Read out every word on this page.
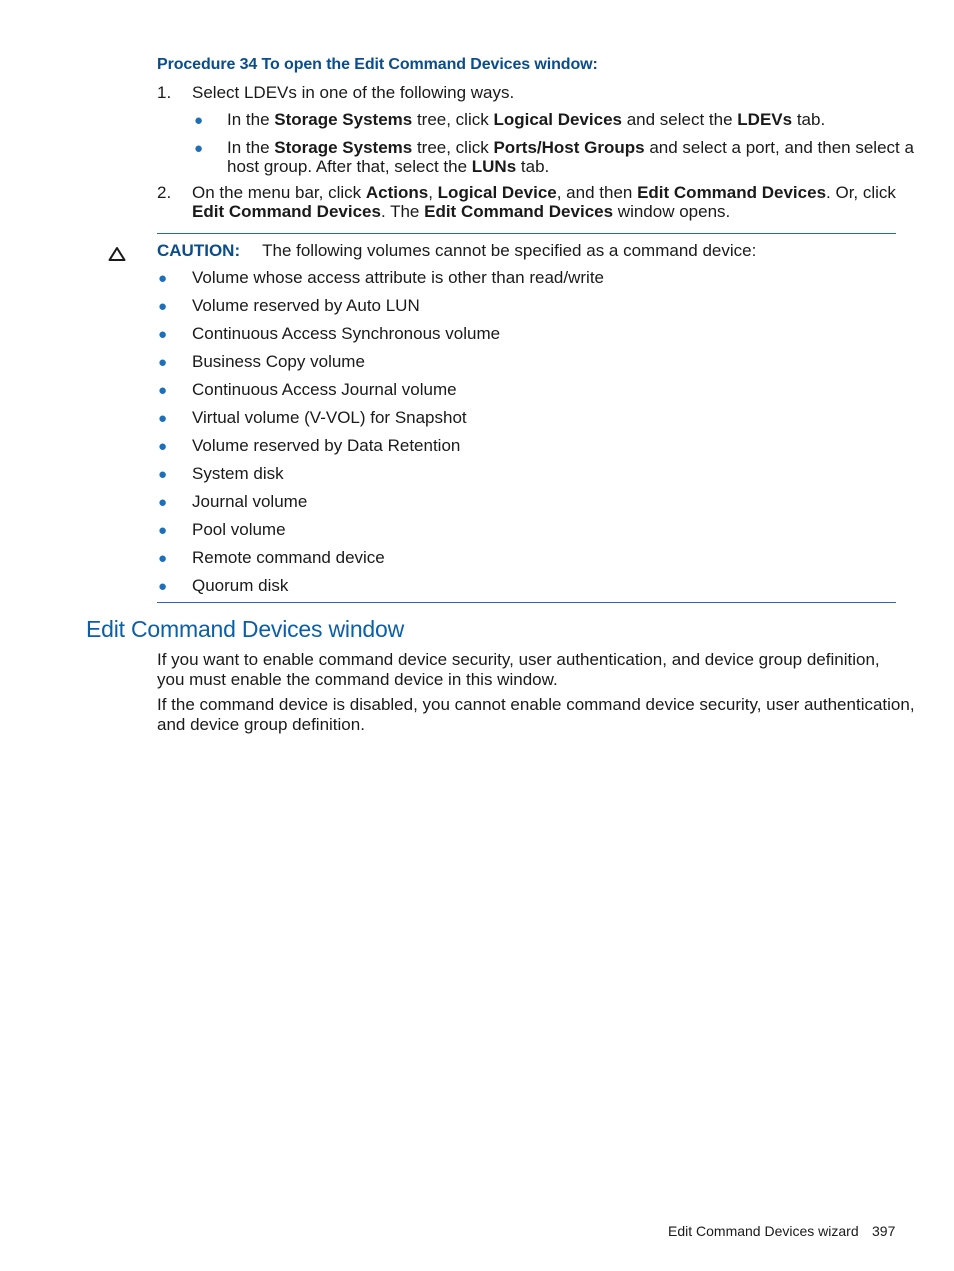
Procedure 34 To open the Edit Command Devices window:
1.	Select LDEVs in one of the following ways.
● In the Storage Systems tree, click Logical Devices and select the LDEVs tab.
● In the Storage Systems tree, click Ports/Host Groups and select a port, and then select a
host group. After that, select the LUNs tab.
2.	On the menu bar, click Actions, Logical Device, and then Edit Command Devices. Or, click
Edit Command Devices. The Edit Command Devices window opens.
CAUTION: The following volumes cannot be specified as a command device:
● Volume whose access attribute is other than read/write
● Volume reserved by Auto LUN
● Continuous Access Synchronous volume
● Business Copy volume
● Continuous Access Journal volume
● Virtual volume (V-VOL) for Snapshot
● Volume reserved by Data Retention
● System disk
● Journal volume
● Pool volume
● Remote command device
● Quorum disk
Edit Command Devices window
If you want to enable command device security, user authentication, and device group definition,
you must enable the command device in this window.
If the command device is disabled, you cannot enable command device security, user authentication,
and device group definition.
Edit Command Devices wizard 397
